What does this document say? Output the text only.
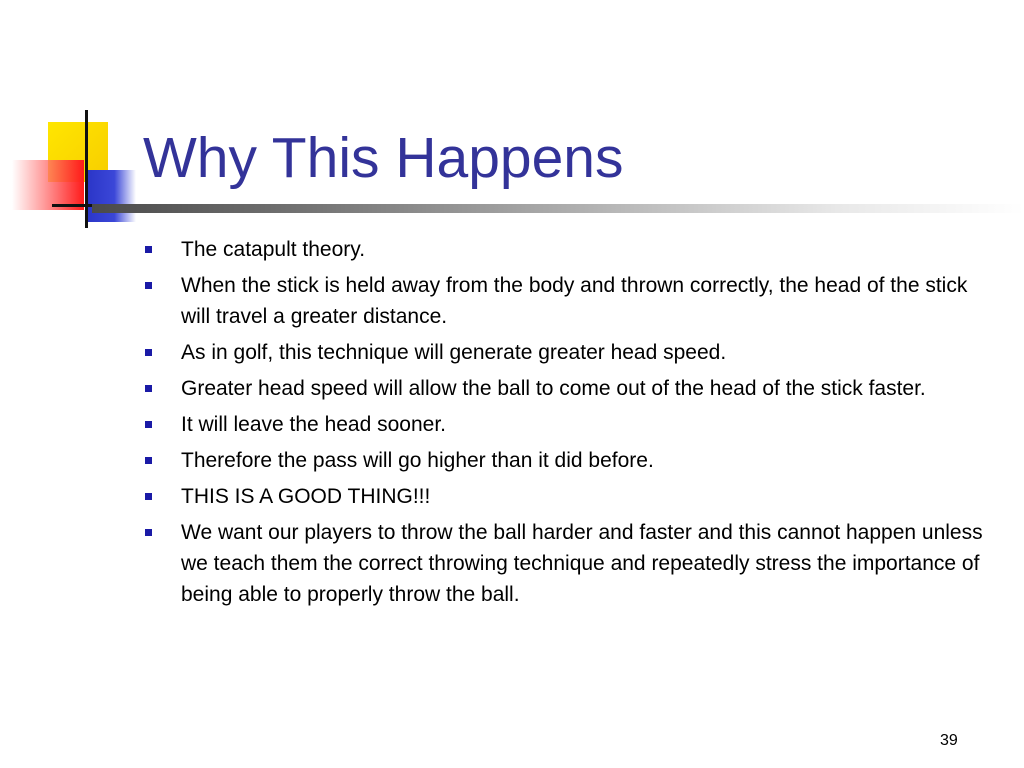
Why This Happens
The catapult theory.
When the stick is held away from the body and thrown correctly, the head of the stick will travel a greater distance.
As in golf, this technique will generate greater head speed.
Greater head speed will allow the ball to come out of the head of the stick faster.
It will leave the head sooner.
Therefore the pass will go higher than it did before.
THIS IS A GOOD THING!!!
We want our players to throw the ball harder and faster and this cannot happen unless we teach them the correct throwing technique and repeatedly stress the importance of being able to properly throw the ball.
39
